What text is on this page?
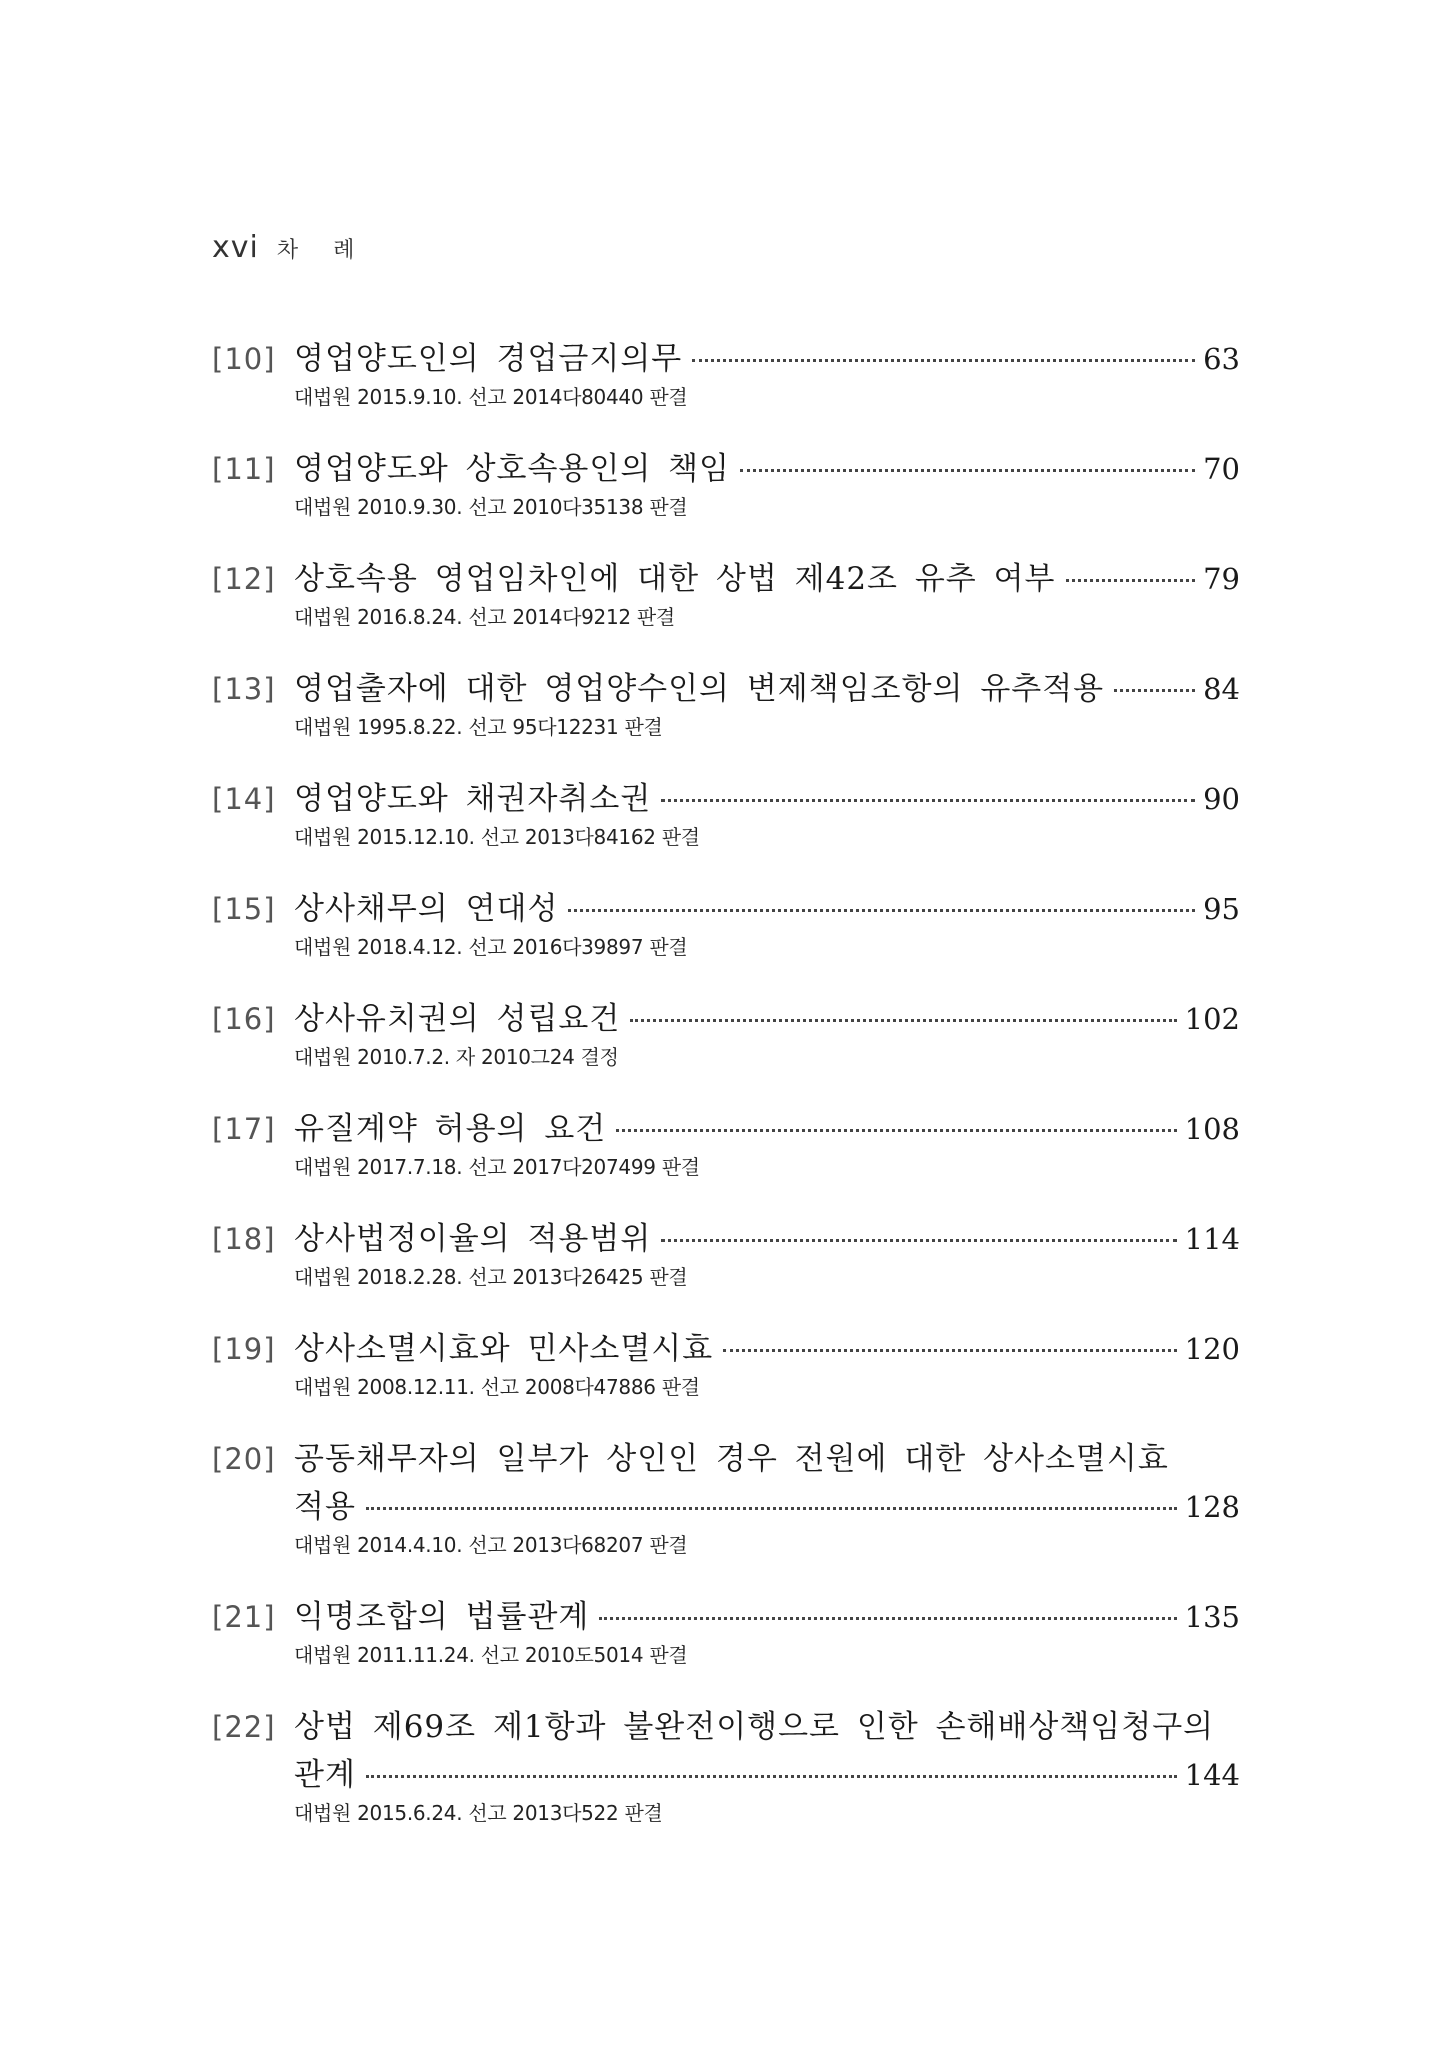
xvi 차 례
[10] 영업양도인의 경업금지의무	63
대법원 2015.9.10. 선고 2014다80440 판결
[11] 영업양도와 상호속용인의 책임	70
대법원 2010.9.30. 선고 2010다35138 판결
[12] 상호속용 영업임차인에 대한 상법 제42조 유추 여부	79
대법원 2016.8.24. 선고 2014다9212 판결
[13] 영업출자에 대한 영업양수인의 변제책임조항의 유추적용	84
대법원 1995.8.22. 선고 95다12231 판결
[14] 영업양도와 채권자취소권	90
대법원 2015.12.10. 선고 2013다84162 판결
[15] 상사채무의 연대성	95
대법원 2018.4.12. 선고 2016다39897 판결
[16] 상사유치권의 성립요건	102
대법원 2010.7.2. 자 2010그24 결정
[17] 유질계약 허용의 요건	108
대법원 2017.7.18. 선고 2017다207499 판결
[18] 상사법정이율의 적용범위	114
대법원 2018.2.28. 선고 2013다26425 판결
[19] 상사소멸시효와 민사소멸시효	120
대법원 2008.12.11. 선고 2008다47886 판결
[20] 공동채무자의 일부가 상인인 경우 전원에 대한 상사소멸시효
적용	128
대법원 2014.4.10. 선고 2013다68207 판결
[21] 익명조합의 법률관계	135
대법원 2011.11.24. 선고 2010도5014 판결
[22] 상법 제69조 제1항과 불완전이행으로 인한 손해배상책임청구의
관계	144
대법원 2015.6.24. 선고 2013다522 판결
